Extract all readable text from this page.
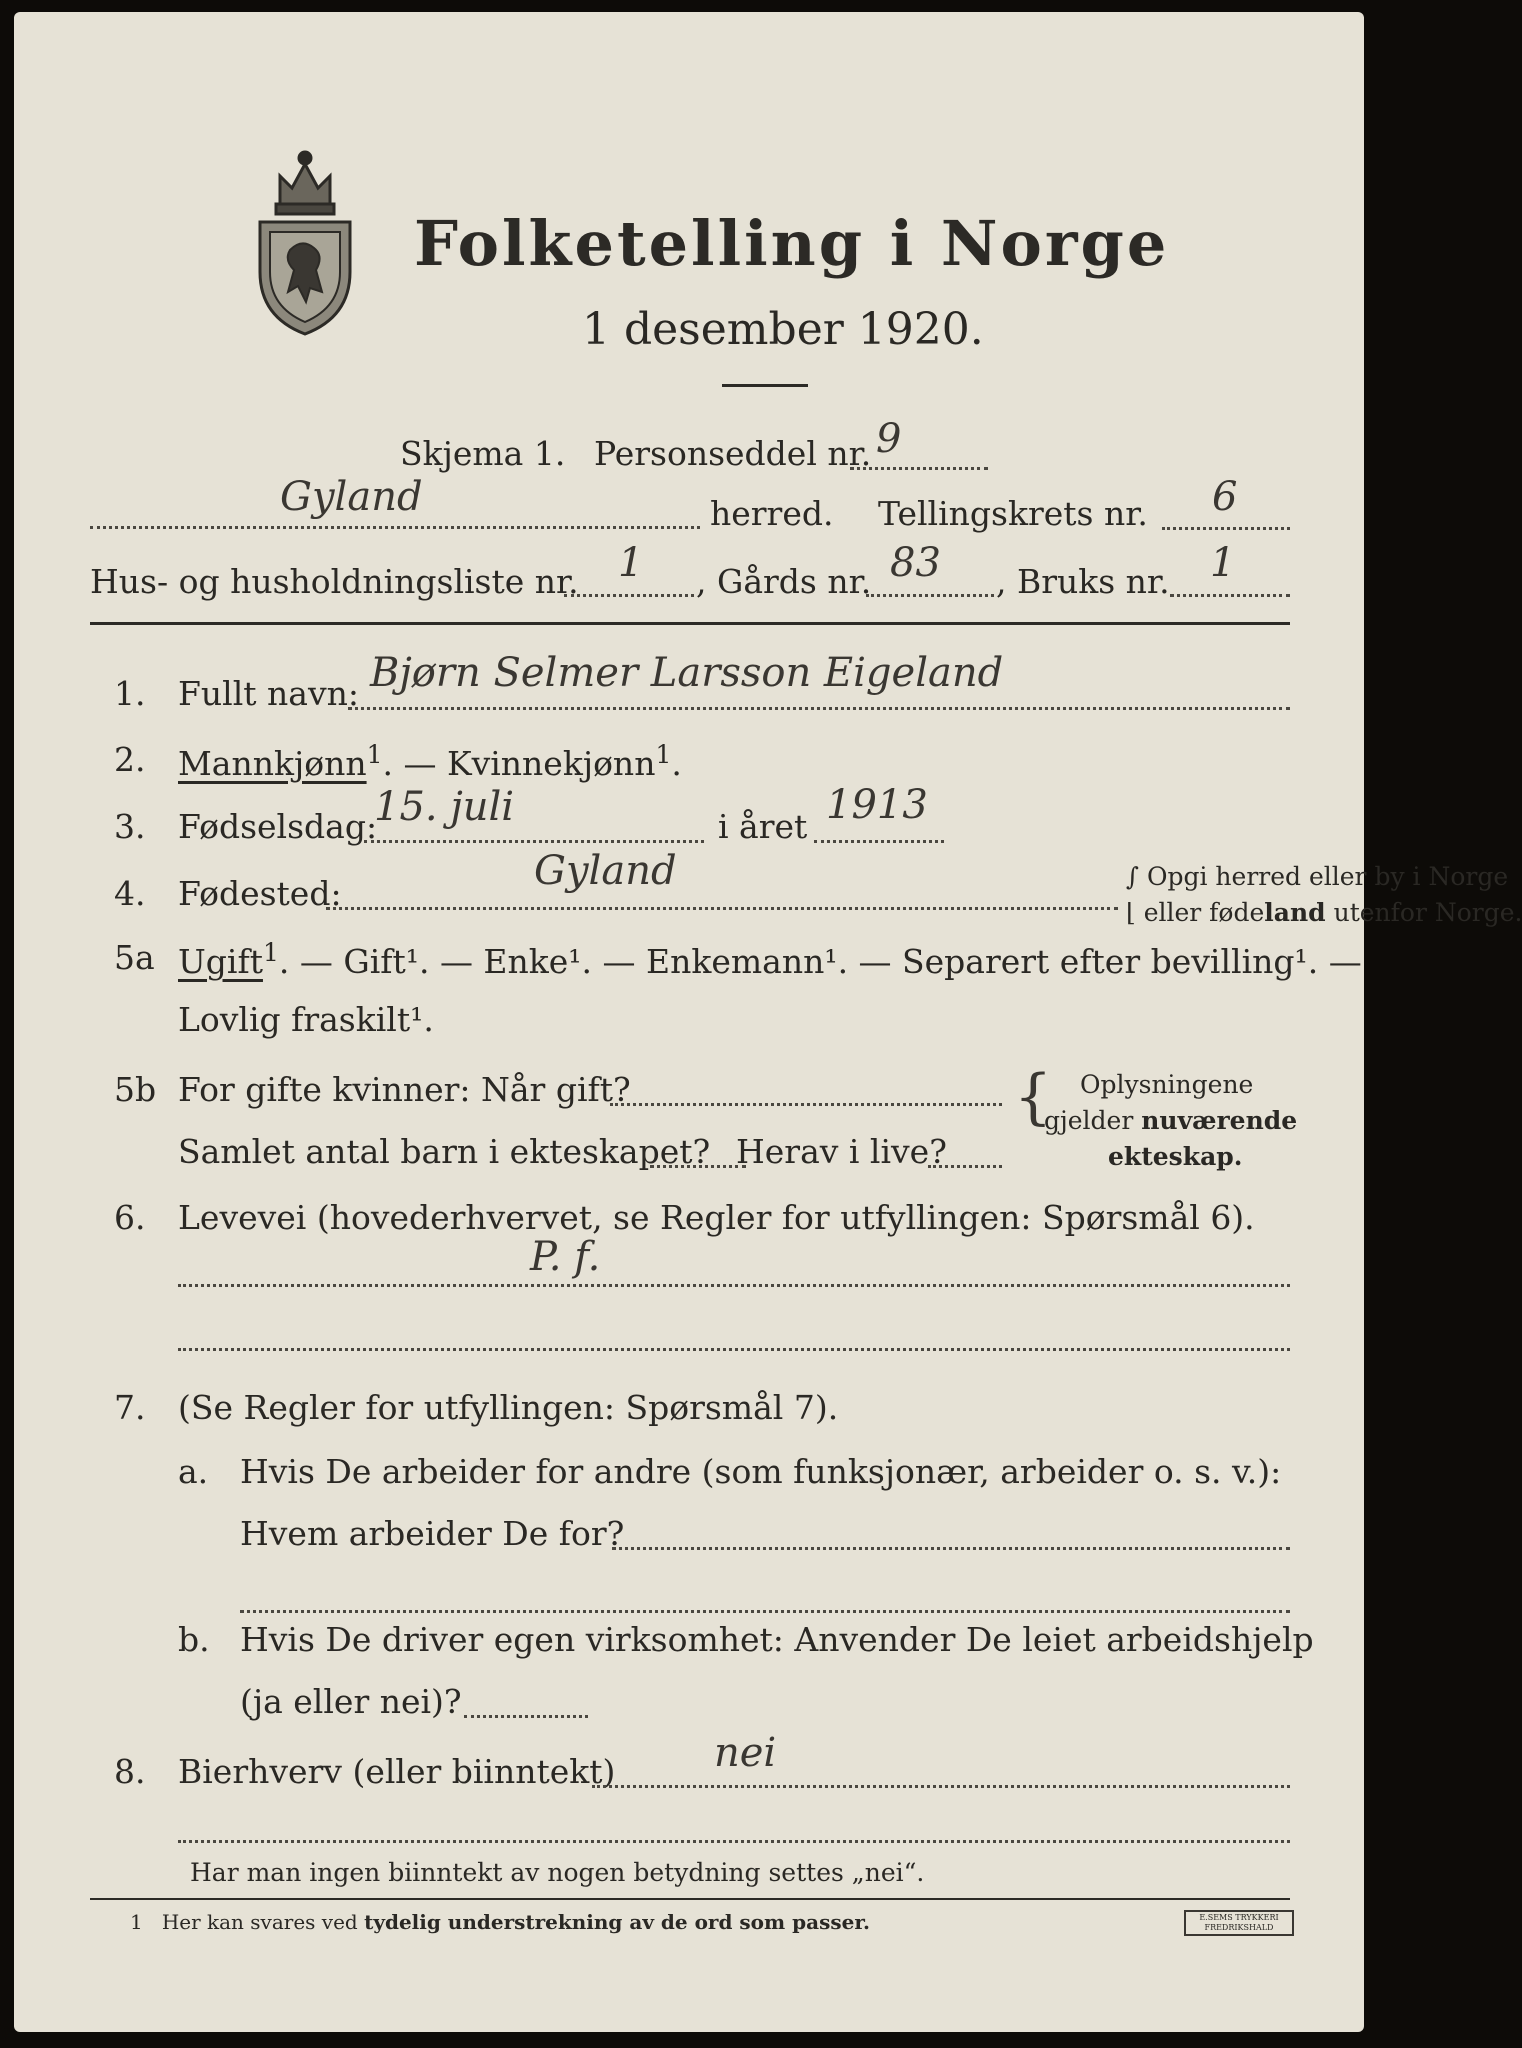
Folketelling i Norge
1 desember 1920.
Skjema 1. Personseddel nr. 9
Gyland	herred. Tellingskrets nr. 6
Hus- og husholdningsliste nr. 1 , Gårds nr. 83 , Bruks nr. 1
1. Fullt navn: Bjørn Selmer Larsson Eigeland
2. Mannkjønn$^1$. — Kvinnekjønn$^1$.
3. Fødselsdag:
15. juli	i året 1913
4. Fødested:	Gyland	∫ Opgi herred eller by i Norge
⌊ eller fødeland utenfor Norge.
5a Ugift$^1$. — Gift¹. — Enke¹. — Enkemann¹. — Separert efter bevilling¹. —
Lovlig fraskilt¹.
5b For gifte kvinner: Når gift?
Samlet antal barn i ekteskapet? Herav i live?
{ Oplysningene
gjelder nuværende
ekteskap.
6. Levevei (hovederhvervet, se Regler for utfyllingen: Spørsmål 6).
P. f.
7. (Se Regler for utfyllingen: Spørsmål 7).
a. Hvis De arbeider for andre (som funksjonær, arbeider o. s. v.):
Hvem arbeider De for?
b. Hvis De driver egen virksomhet: Anvender De leiet arbeidshjelp
(ja eller nei)?
8. Bierhverv (eller biinntekt) nei
Har man ingen biinntekt av nogen betydning settes „nei“.
1 Her kan svares ved tydelig understrekning av de ord som passer.	E.SEMS TRYKKERI FREDRIKSHALD
